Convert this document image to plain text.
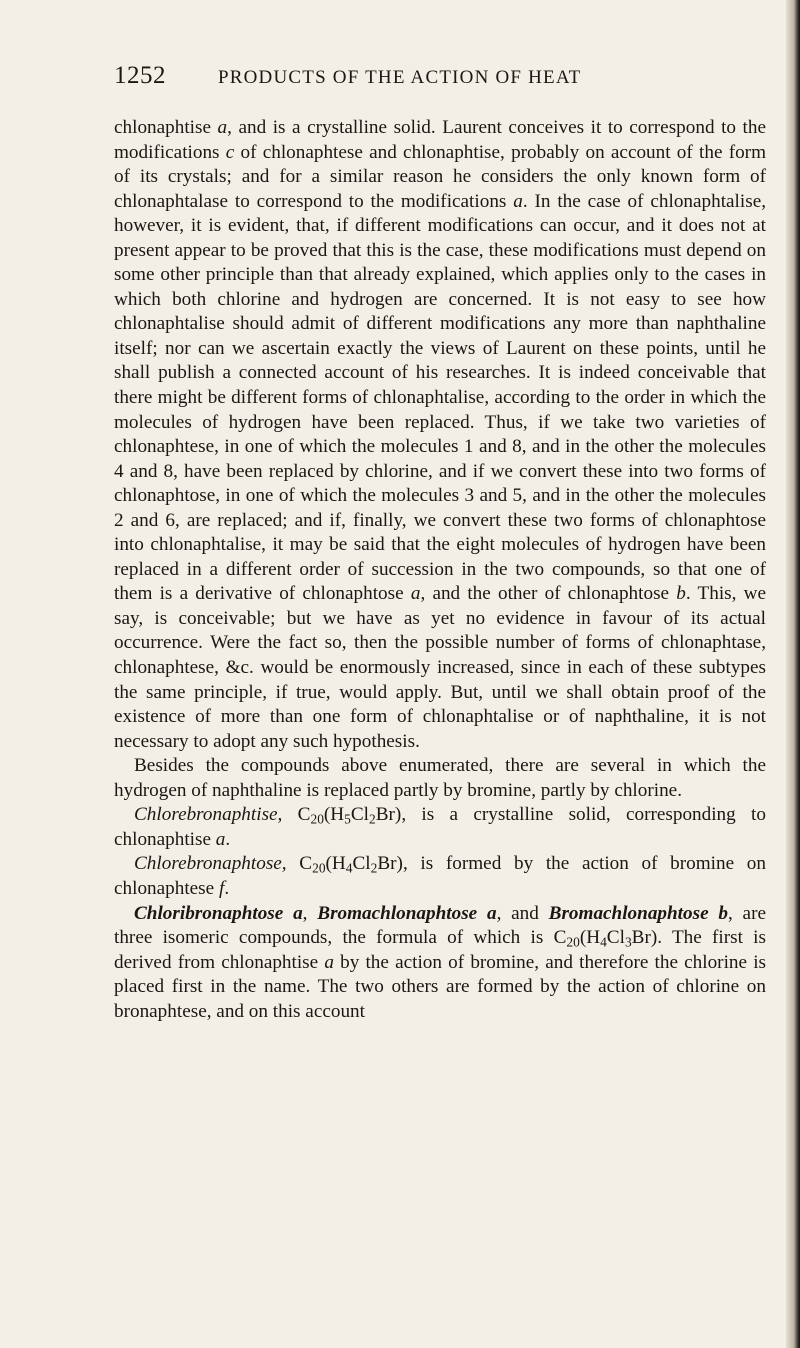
1252	PRODUCTS OF THE ACTION OF HEAT

chlonaphtise a, and is a crystalline solid. Laurent conceives it to correspond to the modifications c of chlonaphtese and chlonaphtise, probably on account of the form of its crystals; and for a similar reason he considers the only known form of chlonaphtalase to correspond to the modifications a. In the case of chlonaphtalise, however, it is evident, that, if different modifications can occur, and it does not at present appear to be proved that this is the case, these modifications must depend on some other principle than that already explained, which applies only to the cases in which both chlorine and hydrogen are concerned. It is not easy to see how chlonaphtalise should admit of different modifications any more than naphthaline itself; nor can we ascertain exactly the views of Laurent on these points, until he shall publish a connected account of his researches. It is indeed conceivable that there might be different forms of chlonaphtalise, according to the order in which the molecules of hydrogen have been replaced. Thus, if we take two varieties of chlonaphtese, in one of which the molecules 1 and 8, and in the other the molecules 4 and 8, have been replaced by chlorine, and if we convert these into two forms of chlonaphtose, in one of which the molecules 3 and 5, and in the other the molecules 2 and 6, are replaced; and if, finally, we convert these two forms of chlonaphtose into chlonaphtalise, it may be said that the eight molecules of hydrogen have been replaced in a different order of succession in the two compounds, so that one of them is a derivative of chlonaphtose a, and the other of chlonaphtose b. This, we say, is conceivable; but we have as yet no evidence in favour of its actual occurrence. Were the fact so, then the possible number of forms of chlonaphtase, chlonaphtese, &c. would be enormously increased, since in each of these subtypes the same principle, if true, would apply. But, until we shall obtain proof of the existence of more than one form of chlonaphtalise or of naphthaline, it is not necessary to adopt any such hypothesis.

Besides the compounds above enumerated, there are several in which the hydrogen of naphthaline is replaced partly by bromine, partly by chlorine.

Chlorebronaphtise, $C_{20}(H_5Cl_2Br)$, is a crystalline solid, corresponding to chlonaphtise a.

Chlorebronaphtose, $C_{20}(H_4Cl_2Br)$, is formed by the action of bromine on chlonaphtese f.

Chloribronaphtose a, Bromachlonaphtose a, and Bromachlonaphtose b, are three isomeric compounds, the formula of which is $C_{20}(H_4Cl_3Br)$. The first is derived from chlonaphtise a by the action of bromine, and therefore the chlorine is placed first in the name. The two others are formed by the action of chlorine on bronaphtese, and on this account
